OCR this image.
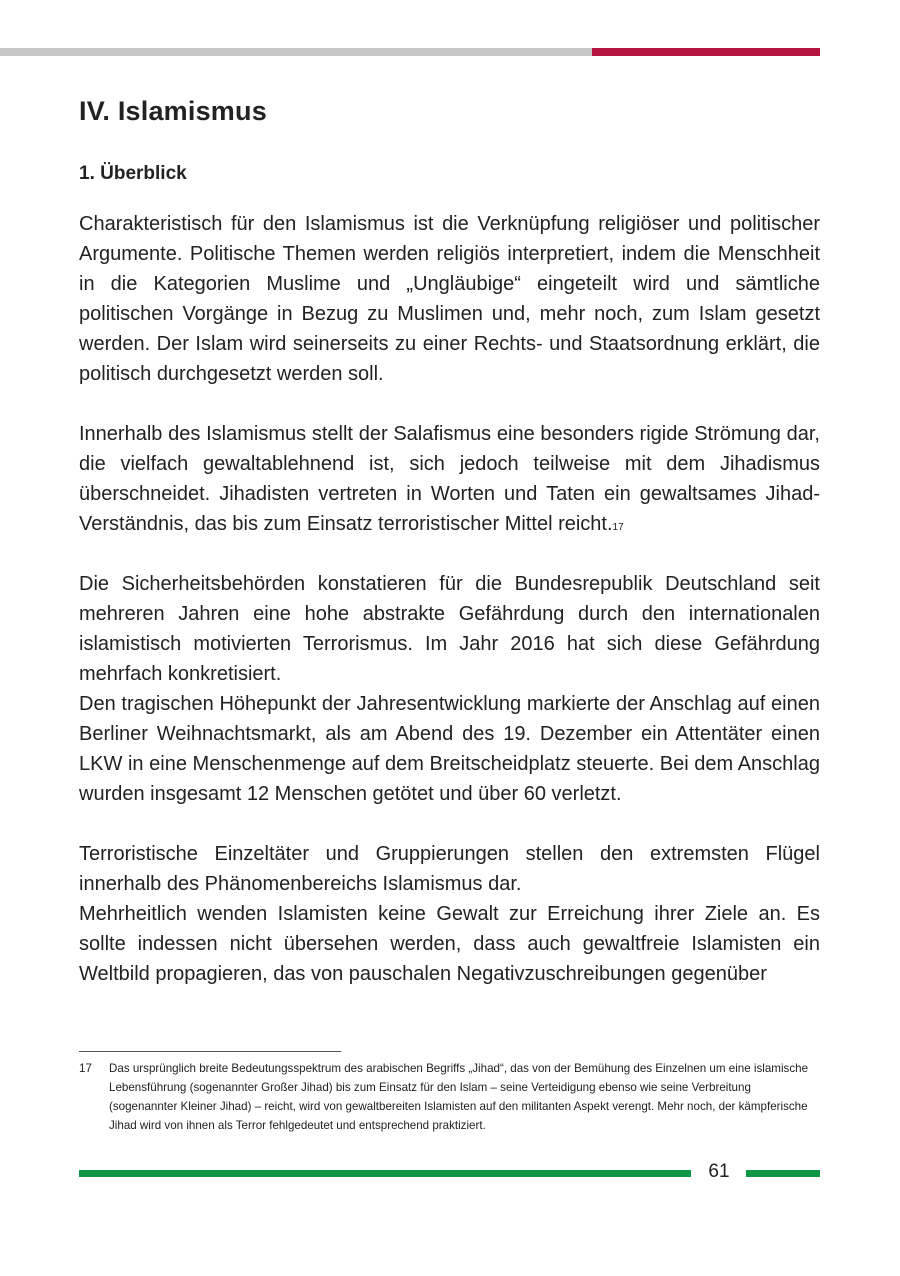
IV. Islamismus
1. Überblick

Charakteristisch für den Islamismus ist die Verknüpfung religiöser und politischer Argumente. Politische Themen werden religiös interpretiert, indem die Menschheit in die Kategorien Muslime und „Ungläubige“ eingeteilt wird und sämtliche politischen Vorgänge in Bezug zu Muslimen und, mehr noch, zum Islam gesetzt werden. Der Islam wird seinerseits zu einer Rechts- und Staatsordnung erklärt, die politisch durchgesetzt werden soll.

Innerhalb des Islamismus stellt der Salafismus eine besonders rigide Strömung dar, die vielfach gewaltablehnend ist, sich jedoch teilweise mit dem Jihadismus überschneidet. Jihadisten vertreten in Worten und Taten ein gewaltsames Jihad-Verständnis, das bis zum Einsatz terroristischer Mittel reicht.$^{17}$

Die Sicherheitsbehörden konstatieren für die Bundesrepublik Deutschland seit mehreren Jahren eine hohe abstrakte Gefährdung durch den internationalen islamistisch motivierten Terrorismus. Im Jahr 2016 hat sich diese Gefährdung mehrfach konkretisiert.

Den tragischen Höhepunkt der Jahresentwicklung markierte der Anschlag auf einen Berliner Weihnachtsmarkt, als am Abend des 19. Dezember ein Attentäter einen LKW in eine Menschenmenge auf dem Breitscheidplatz steuerte. Bei dem Anschlag wurden insgesamt 12 Menschen getötet und über 60 verletzt.

Terroristische Einzeltäter und Gruppierungen stellen den extremsten Flügel innerhalb des Phänomenbereichs Islamismus dar.

Mehrheitlich wenden Islamisten keine Gewalt zur Erreichung ihrer Ziele an. Es sollte indessen nicht übersehen werden, dass auch gewaltfreie Islamisten ein Weltbild propagieren, das von pauschalen Negativzuschreibungen gegenüber

17 Das ursprünglich breite Bedeutungsspektrum des arabischen Begriffs „Jihad“, das von der Bemühung des Einzelnen um eine islamische Lebensführung (sogenannter Großer Jihad) bis zum Einsatz für den Islam – seine Verteidigung ebenso wie seine Verbreitung (sogenannter Kleiner Jihad) – reicht, wird von gewaltbereiten Islamisten auf den militanten Aspekt verengt. Mehr noch, der kämpferische Jihad wird von ihnen als Terror fehlgedeutet und entsprechend praktiziert.
61
